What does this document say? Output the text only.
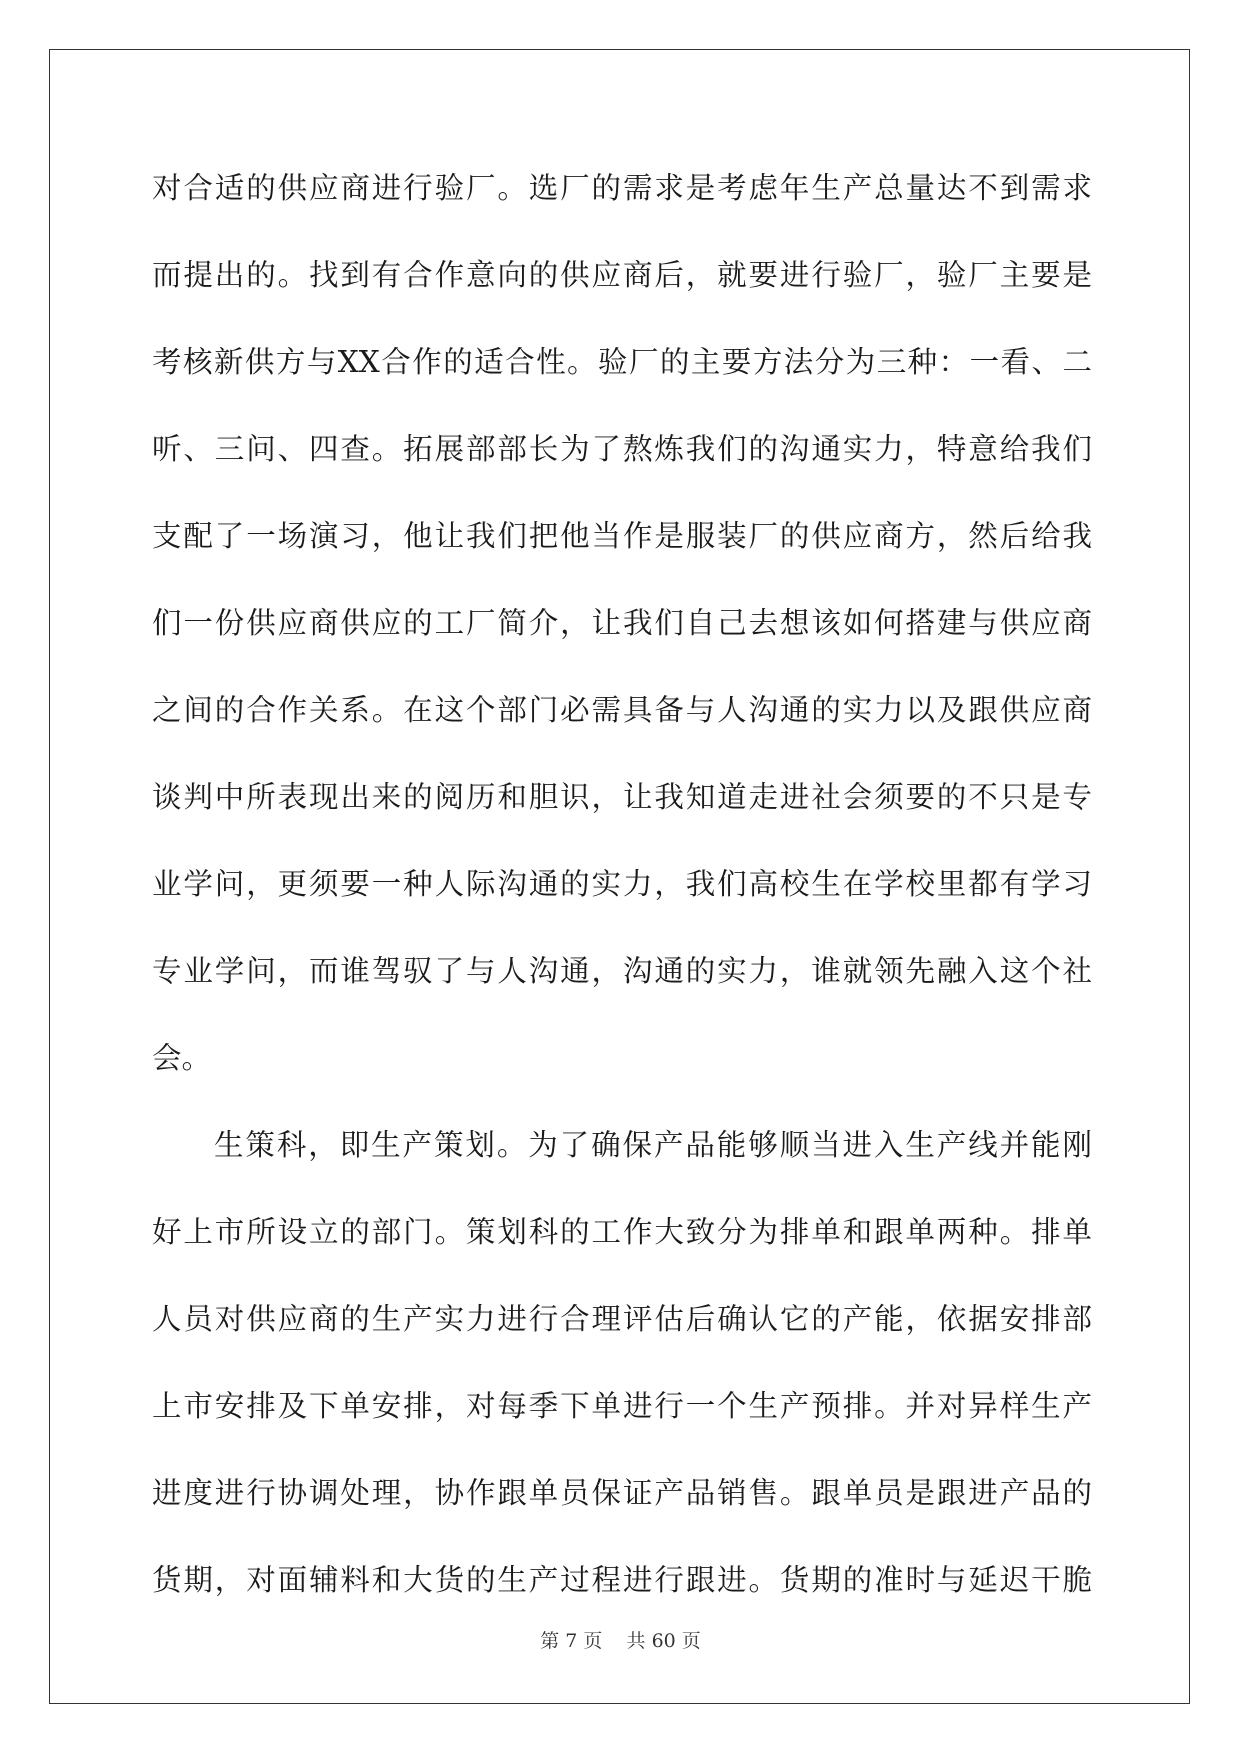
对合适的供应商进行验厂。选厂的需求是考虑年生产总量达不到需求
而提出的。找到有合作意向的供应商后，就要进行验厂，验厂主要是
考核新供方与XX合作的适合性。验厂的主要方法分为三种：一看、二
听、三问、四查。拓展部部长为了熬炼我们的沟通实力，特意给我们
支配了一场演习，他让我们把他当作是服装厂的供应商方，然后给我
们一份供应商供应的工厂简介，让我们自己去想该如何搭建与供应商
之间的合作关系。在这个部门必需具备与人沟通的实力以及跟供应商
谈判中所表现出来的阅历和胆识，让我知道走进社会须要的不只是专
业学问，更须要一种人际沟通的实力，我们高校生在学校里都有学习
专业学问，而谁驾驭了与人沟通，沟通的实力，谁就领先融入这个社
会。
生策科，即生产策划。为了确保产品能够顺当进入生产线并能刚
好上市所设立的部门。策划科的工作大致分为排单和跟单两种。排单
人员对供应商的生产实力进行合理评估后确认它的产能，依据安排部
上市安排及下单安排，对每季下单进行一个生产预排。并对异样生产
进度进行协调处理，协作跟单员保证产品销售。跟单员是跟进产品的
货期，对面辅料和大货的生产过程进行跟进。货期的准时与延迟干脆
第 7 页 共 60 页
